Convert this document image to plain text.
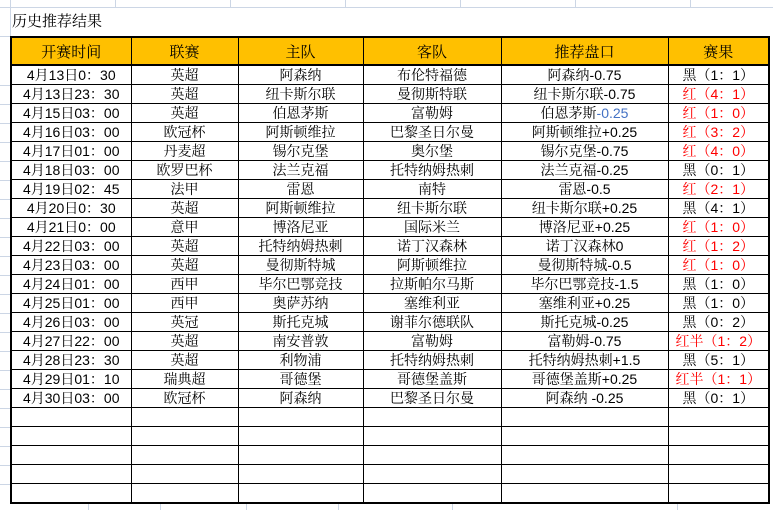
历史推荐结果
开赛时间	联赛	主队	客队	推荐盘口	赛果
4月13日0：30	英超	阿森纳	布伦特福德	阿森纳-0.75	黑（1：1）
4月13日23：30	英超	纽卡斯尔联	曼彻斯特联	纽卡斯尔联-0.75	红（4：1）
4月15日03：00	英超	伯恩茅斯	富勒姆	伯恩茅斯-0.25	红（1：0）
4月16日03：00	欧冠杯	阿斯顿维拉	巴黎圣日尔曼	阿斯顿维拉+0.25	红（3：2）
4月17日01：00	丹麦超	锡尔克堡	奥尔堡	锡尔克堡-0.75	红（4：0）
4月18日03：00	欧罗巴杯	法兰克福	托特纳姆热刺	法兰克福-0.25	黑（0：1）
4月19日02：45	法甲	雷恩	南特	雷恩-0.5	红（2：1）
4月20日0：30	英超	阿斯顿维拉	纽卡斯尔联	纽卡斯尔联+0.25	黑（4：1）
4月21日0：00	意甲	博洛尼亚	国际米兰	博洛尼亚+0.25	红（1：0）
4月22日03：00	英超	托特纳姆热刺	诺丁汉森林	诺丁汉森林0	红（1：2）
4月23日03：00	英超	曼彻斯特城	阿斯顿维拉	曼彻斯特城-0.5	红（1：0）
4月24日01：00	西甲	毕尔巴鄂竞技	拉斯帕尔马斯	毕尔巴鄂竞技-1.5	黑（1：0）
4月25日01：00	西甲	奥萨苏纳	塞维利亚	塞维利亚+0.25	黑（1：0）
4月26日03：00	英冠	斯托克城	谢菲尔德联队	斯托克城-0.25	黑（0：2）
4月27日22：00	英超	南安普敦	富勒姆	富勒姆-0.75	红半（1：2）
4月28日23：30	英超	利物浦	托特纳姆热刺	托特纳姆热刺+1.5	黑（5：1）
4月29日01：10	瑞典超	哥德堡	哥德堡盖斯	哥德堡盖斯+0.25	红半（1：1）
4月30日03：00	欧冠杯	阿森纳	巴黎圣日尔曼	阿森纳 -0.25	黑（0：1）
